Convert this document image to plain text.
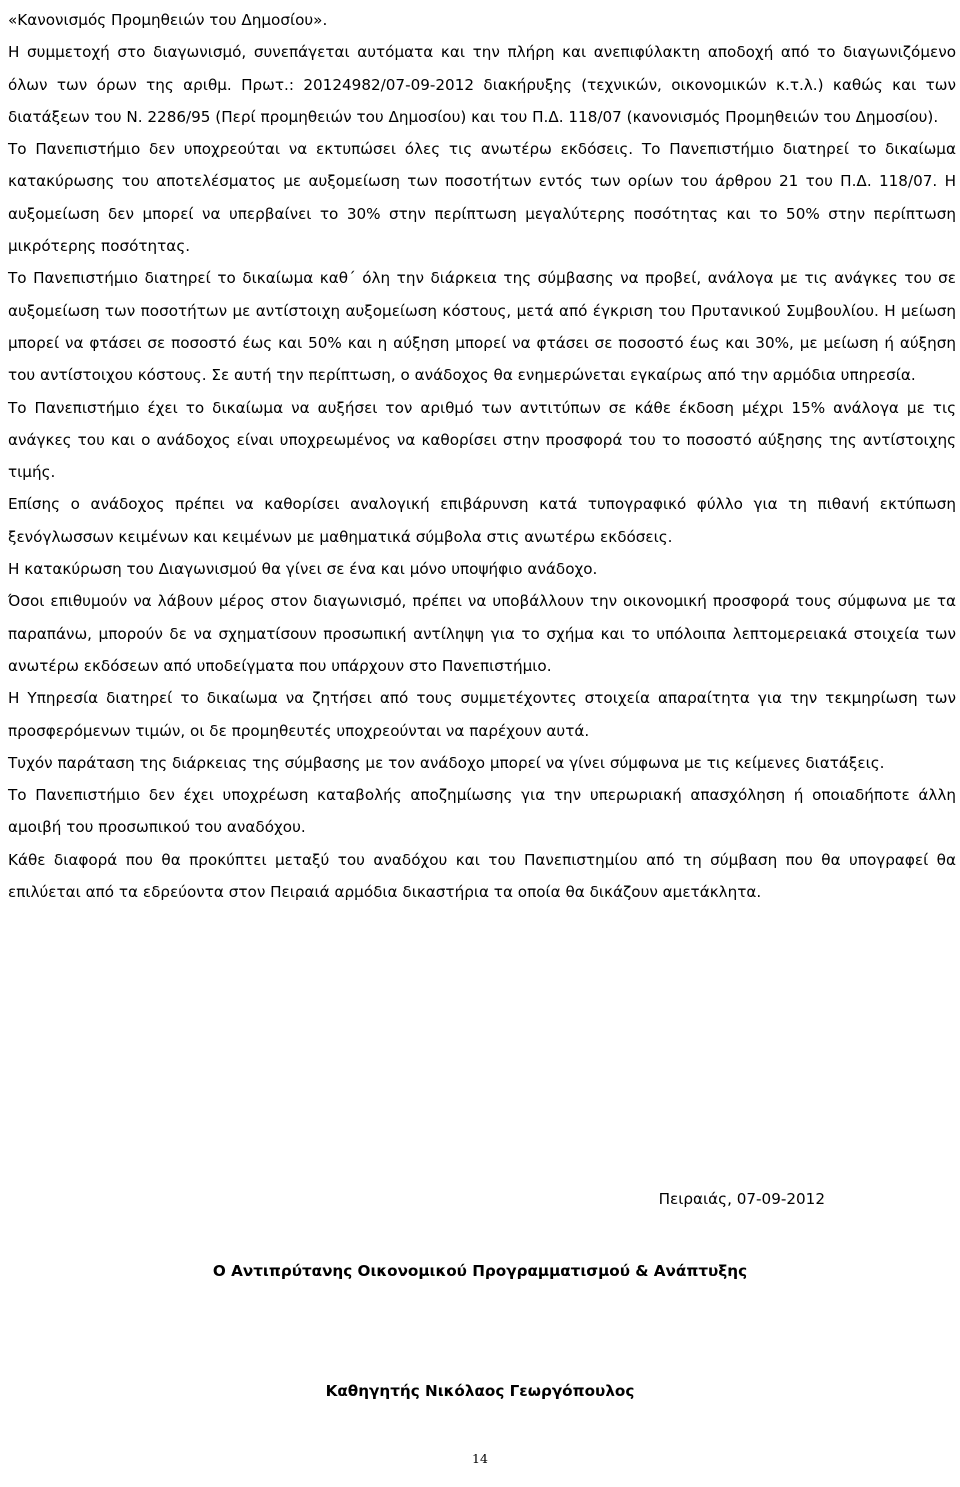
«Κανονισμός Προμηθειών του Δημοσίου».

Η συμμετοχή στο διαγωνισμό, συνεπάγεται αυτόματα και την πλήρη και ανεπιφύλακτη αποδοχή από το διαγωνιζόμενο όλων των όρων της αριθμ. Πρωτ.: 20124982/07-09-2012 διακήρυξης (τεχνικών, οικονομικών κ.τ.λ.) καθώς και των διατάξεων του Ν. 2286/95 (Περί προμηθειών του Δημοσίου) και του Π.Δ. 118/07 (κανονισμός Προμηθειών του Δημοσίου).

Το Πανεπιστήμιο δεν υποχρεούται να εκτυπώσει όλες τις ανωτέρω εκδόσεις. Το Πανεπιστήμιο διατηρεί το δικαίωμα κατακύρωσης του αποτελέσματος με αυξομείωση των ποσοτήτων εντός των ορίων του άρθρου 21 του Π.Δ. 118/07. Η αυξομείωση δεν μπορεί να υπερβαίνει το 30% στην περίπτωση μεγαλύτερης ποσότητας και το 50% στην περίπτωση μικρότερης ποσότητας.

Το Πανεπιστήμιο διατηρεί το δικαίωμα καθ΄ όλη την διάρκεια της σύμβασης να προβεί, ανάλογα με τις ανάγκες του σε αυξομείωση των ποσοτήτων με αντίστοιχη αυξομείωση κόστους, μετά από έγκριση του Πρυτανικού Συμβουλίου. Η μείωση μπορεί να φτάσει σε ποσοστό έως και 50% και η αύξηση μπορεί να φτάσει σε ποσοστό έως και 30%, με μείωση ή αύξηση του αντίστοιχου κόστους. Σε αυτή την περίπτωση, ο ανάδοχος θα ενημερώνεται εγκαίρως από την αρμόδια υπηρεσία.

Το Πανεπιστήμιο έχει το δικαίωμα να αυξήσει τον αριθμό των αντιτύπων σε κάθε έκδοση μέχρι 15% ανάλογα με τις ανάγκες του και ο ανάδοχος είναι υποχρεωμένος να καθορίσει στην προσφορά του το ποσοστό αύξησης της αντίστοιχης τιμής.

Επίσης ο ανάδοχος πρέπει να καθορίσει αναλογική επιβάρυνση κατά τυπογραφικό φύλλο για τη πιθανή εκτύπωση ξενόγλωσσων κειμένων και κειμένων με μαθηματικά σύμβολα στις ανωτέρω εκδόσεις.

Η κατακύρωση του Διαγωνισμού θα γίνει σε ένα και μόνο υποψήφιο ανάδοχο.

Όσοι επιθυμούν να λάβουν μέρος στον διαγωνισμό, πρέπει να υποβάλλουν την οικονομική προσφορά τους σύμφωνα με τα παραπάνω, μπορούν δε να σχηματίσουν προσωπική αντίληψη για το σχήμα και το υπόλοιπα λεπτομερειακά στοιχεία των ανωτέρω εκδόσεων από υποδείγματα που υπάρχουν στο Πανεπιστήμιο.

Η Υπηρεσία διατηρεί το δικαίωμα να ζητήσει από τους συμμετέχοντες στοιχεία απαραίτητα για την τεκμηρίωση των προσφερόμενων τιμών, οι δε προμηθευτές υποχρεούνται να παρέχουν αυτά.

Τυχόν παράταση της διάρκειας της σύμβασης με τον ανάδοχο μπορεί να γίνει σύμφωνα με τις κείμενες διατάξεις.

Το Πανεπιστήμιο δεν έχει υποχρέωση καταβολής αποζημίωσης για την υπερωριακή απασχόληση ή οποιαδήποτε άλλη αμοιβή του προσωπικού του αναδόχου.

Κάθε διαφορά που θα προκύπτει μεταξύ του αναδόχου και του Πανεπιστημίου από τη σύμβαση που θα υπογραφεί θα επιλύεται από τα εδρεύοντα στον Πειραιά αρμόδια δικαστήρια τα οποία θα δικάζουν αμετάκλητα.

Πειραιάς, 07-09-2012
Ο Αντιπρύτανης Οικονομικού Προγραμματισμού & Ανάπτυξης
Καθηγητής Νικόλαος Γεωργόπουλος
14
